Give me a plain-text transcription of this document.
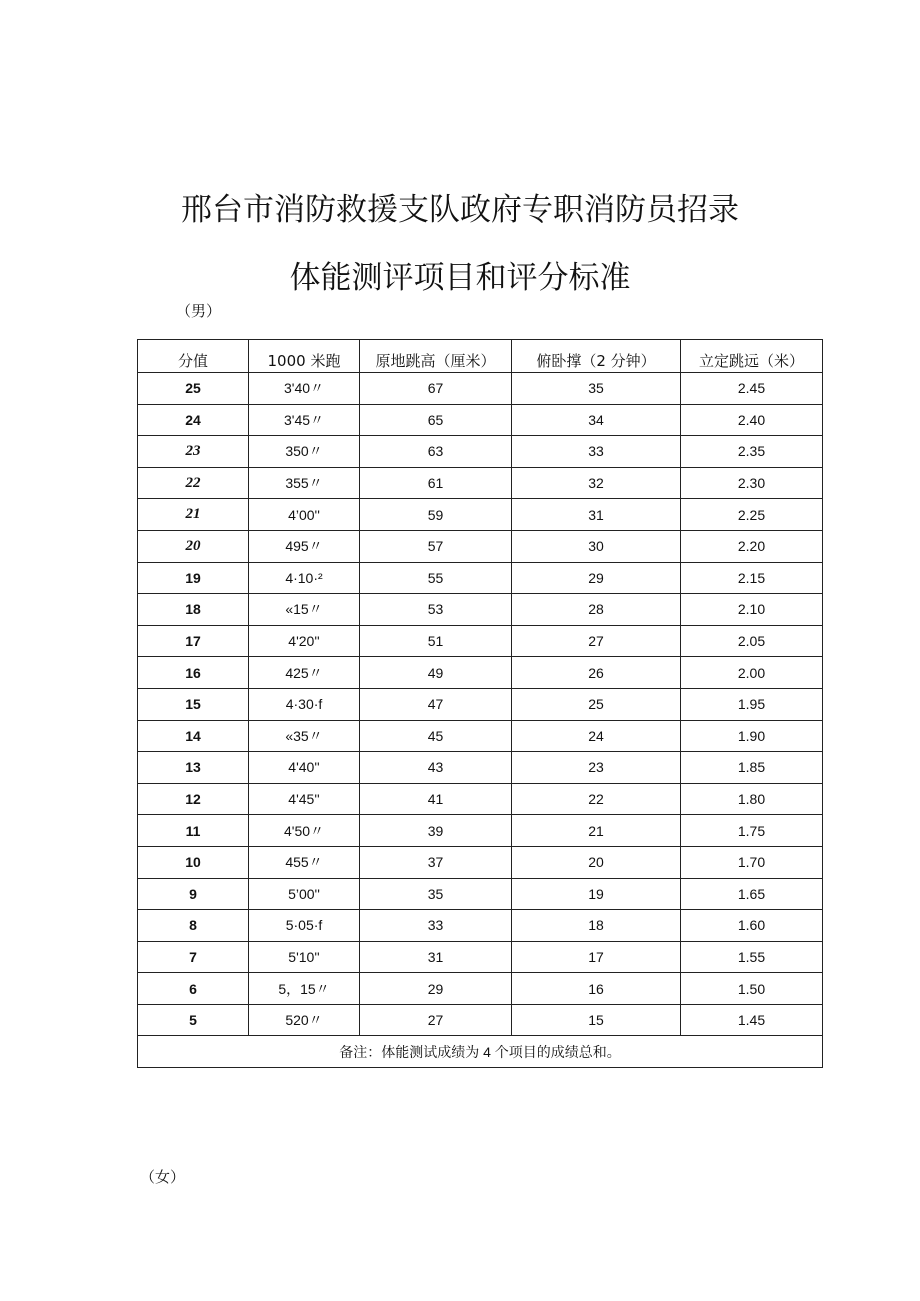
邢台市消防救援支队政府专职消防员招录
体能测评项目和评分标准
（男）
分值	1000 米跑	原地跳高（厘米）	俯卧撑（2 分钟）	立定跳远（米）
25	3'40〃	67	35	2.45
24	3'45〃	65	34	2.40
23	350〃	63	33	2.35
22	355〃	61	32	2.30
21	4’00''	59	31	2.25
20	495〃	57	30	2.20
19	4·10·²	55	29	2.15
18	«15〃	53	28	2.10
17	4'20''	51	27	2.05
16	425〃	49	26	2.00
15	4·30·f	47	25	1.95
14	«35〃	45	24	1.90
13	4'40''	43	23	1.85
12	4'45''	41	22	1.80
11	4'50〃	39	21	1.75
10	455〃	37	20	1.70
9	5’00''	35	19	1.65
8	5·05·f	33	18	1.60
7	5'10''	31	17	1.55
6	5，15〃	29	16	1.50
5	520〃	27	15	1.45
备注：体能测试成绩为 4 个项目的成绩总和。				
（女）
